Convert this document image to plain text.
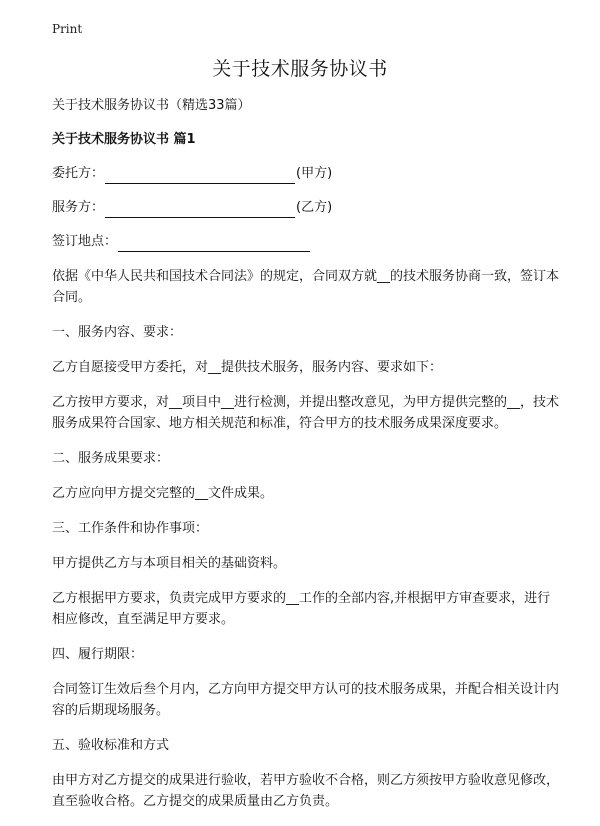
Print
关于技术服务协议书

关于技术服务协议书（精选33篇）

关于技术服务协议书 篇1

委托方：	(甲方)
服务方：	(乙方)
签订地点：

依据《中华人民共和国技术合同法》的规定，合同双方就__的技术服务协商一致，签订本合同。

一、服务内容、要求：

乙方自愿接受甲方委托，对__提供技术服务，服务内容、要求如下：

乙方按甲方要求，对__项目中__进行检测，并提出整改意见，为甲方提供完整的__，技术服务成果符合国家、地方相关规范和标准，符合甲方的技术服务成果深度要求。

二、服务成果要求：

乙方应向甲方提交完整的__文件成果。

三、工作条件和协作事项：

甲方提供乙方与本项目相关的基础资料。

乙方根据甲方要求，负责完成甲方要求的__工作的全部内容,并根据甲方审查要求，进行相应修改，直至满足甲方要求。

四、履行期限：

合同签订生效后叁个月内，乙方向甲方提交甲方认可的技术服务成果，并配合相关设计内容的后期现场服务。

五、验收标准和方式

由甲方对乙方提交的成果进行验收，若甲方验收不合格，则乙方须按甲方验收意见修改，直至验收合格。乙方提交的成果质量由乙方负责。
